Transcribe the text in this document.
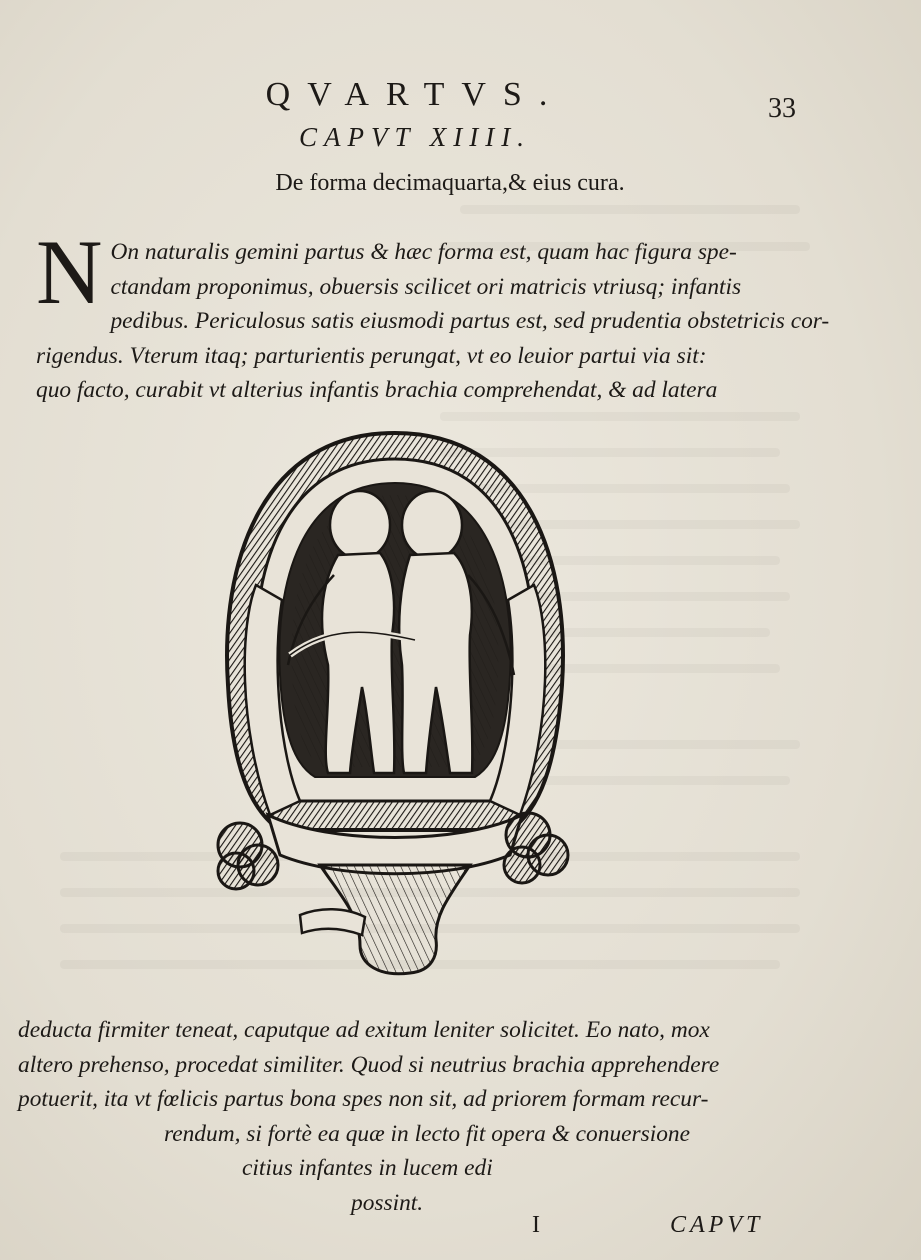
QVARTVS.	33
CAPVT XIIII.
De forma decimaquarta,& eius cura.
N On naturalis gemini partus & hæc forma est, quam hac figura spe-
ctandam proponimus, obuersis scilicet ori matricis vtriusq; infantis
pedibus. Periculosus satis eiusmodi partus est, sed prudentia obstetricis cor-
rigendus. Vterum itaq; parturientis perungat, vt eo leuior partui via sit:
quo facto, curabit vt alterius infantis brachia comprehendat, & ad latera
deducta firmiter teneat, caputque ad exitum leniter solicitet. Eo nato, mox
altero prehenso, procedat similiter. Quod si neutrius brachia apprehendere
potuerit, ita vt fœlicis partus bona spes non sit, ad priorem formam recur-
rendum, si fortè ea quæ in lecto fit opera & conuersione
citius infantes in lucem edi
possint.
I	CAPVT
